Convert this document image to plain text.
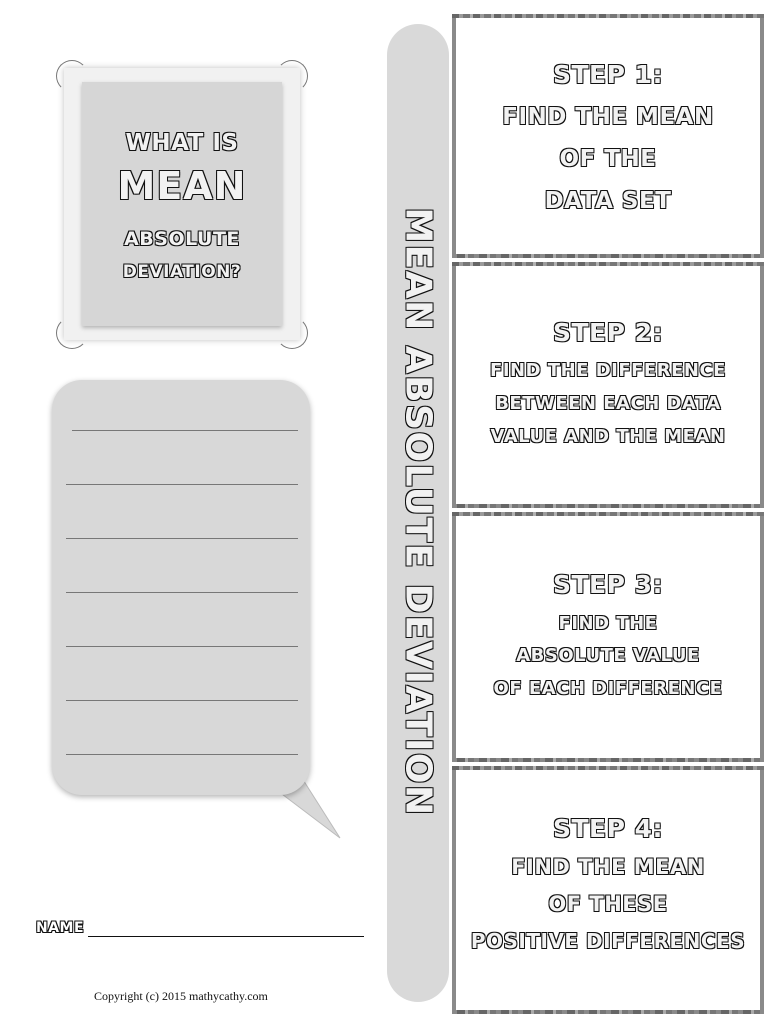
WHAT IS
MEAN
ABSOLUTE
DEVIATION?
NAME
Copyright (c) 2015 mathycathy.com
MEAN ABSOLUTE DEVIATION
STEP 1:
FIND THE MEAN
OF THE
DATA SET
STEP 2:
FIND THE DIFFERENCE
BETWEEN EACH DATA
VALUE AND THE MEAN
STEP 3:
FIND THE
ABSOLUTE VALUE
OF EACH DIFFERENCE
STEP 4:
FIND THE MEAN
OF THESE
POSITIVE DIFFERENCES
